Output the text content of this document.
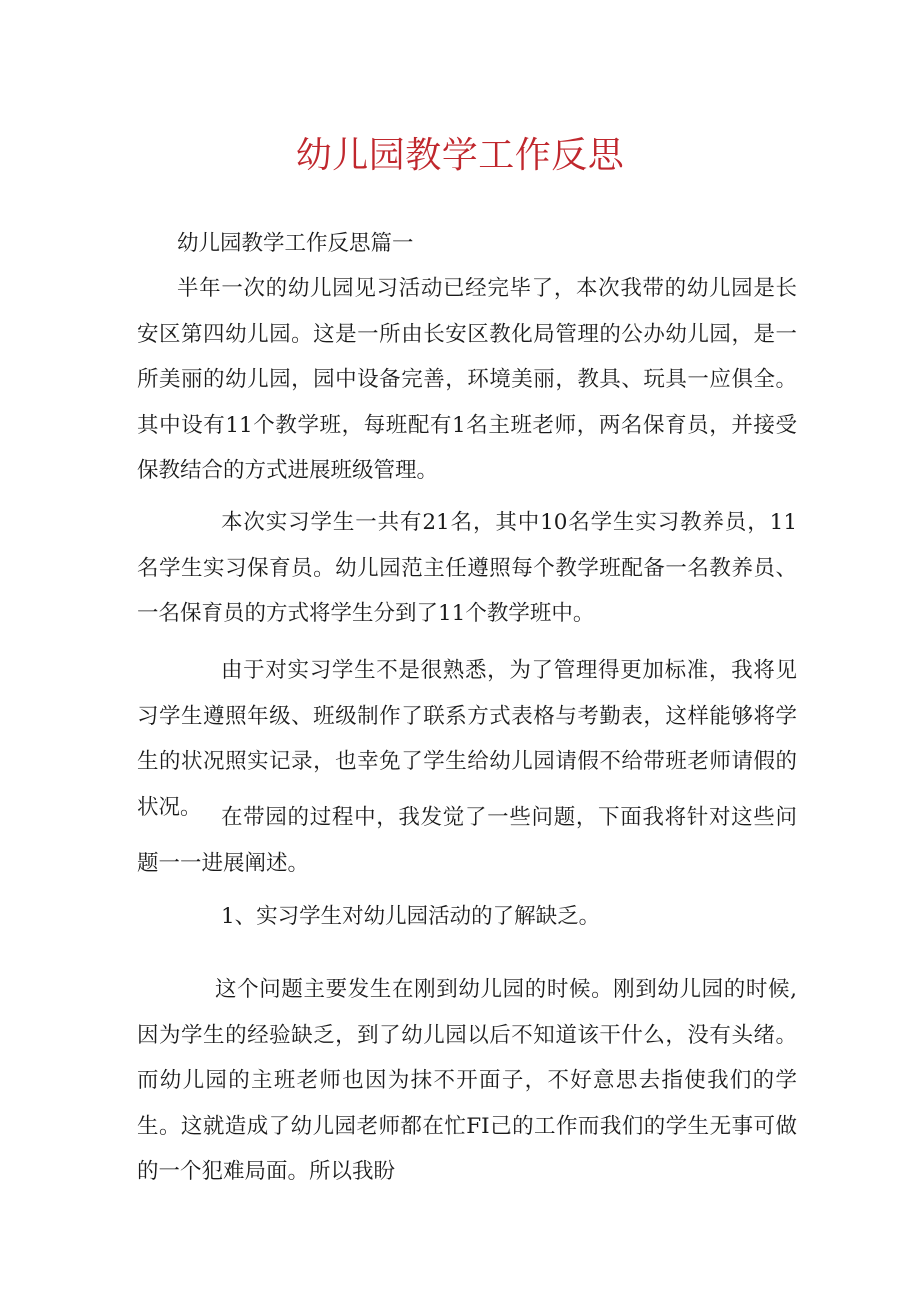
幼儿园教学工作反思

幼儿园教学工作反思篇一

半年一次的幼儿园见习活动已经完毕了，本次我带的幼儿园是长安区第四幼儿园。这是一所由长安区教化局管理的公办幼儿园，是一所美丽的幼儿园，园中设备完善，环境美丽，教具、玩具一应俱全。其中设有11个教学班，每班配有1名主班老师，两名保育员，并接受保教结合的方式进展班级管理。

本次实习学生一共有21名，其中10名学生实习教养员，11名学生实习保育员。幼儿园范主任遵照每个教学班配备一名教养员、一名保育员的方式将学生分到了11个教学班中。

由于对实习学生不是很熟悉，为了管理得更加标准，我将见习学生遵照年级、班级制作了联系方式表格与考勤表，这样能够将学生的状况照实记录，也幸免了学生给幼儿园请假不给带班老师请假的状况。 在带园的过程中，我发觉了一些问题，下面我将针对这些问题一一进展阐述。

1、实习学生对幼儿园活动的了解缺乏。

这个问题主要发生在刚到幼儿园的时候。刚到幼儿园的时候,因为学生的经验缺乏，到了幼儿园以后不知道该干什么，没有头绪。而幼儿园的主班老师也因为抹不开面子，不好意思去指使我们的学生。这就造成了幼儿园老师都在忙FI己的工作而我们的学生无事可做的一个犯难局面。所以我盼
